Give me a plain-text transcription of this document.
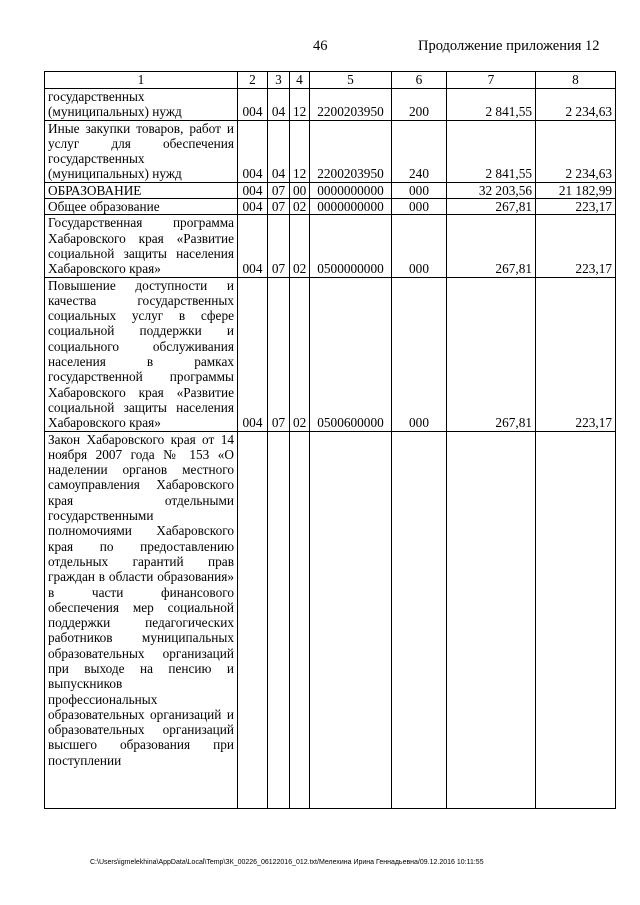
46	Продолжение приложения 12
1	2	3	4	5	6	7	8
государственных (муниципальных) нужд	004	04	12	2200203950	200	2 841,55	2 234,63
Иные закупки товаров, работ и услуг для обеспечения государственных (муниципальных) нужд	004	04	12	2200203950	240	2 841,55	2 234,63
ОБРАЗОВАНИЕ	004	07	00	0000000000	000	32 203,56	21 182,99
Общее образование	004	07	02	0000000000	000	267,81	223,17
Государственная программа Хабаровского края «Развитие социальной защиты населения Хабаровского края»	004	07	02	0500000000	000	267,81	223,17
Повышение доступности и качества государственных социальных услуг в сфере социальной поддержки и социального обслуживания населения в рамках государственной программы Хабаровского края «Развитие социальной защиты населения Хабаровского края»	004	07	02	0500600000	000	267,81	223,17
Закон Хабаровского края от 14 ноября 2007 года № 153 «О наделении органов местного самоуправления Хабаровского края отдельными государственными полномочиями Хабаровского края по предоставлению отдельных гарантий прав граждан в области образования» в части финансового обеспечения мер социальной поддержки педагогических работников муниципальных образовательных организаций при выходе на пенсию и выпускников профессиональных образовательных организаций и образовательных организаций высшего образования при поступлении							
C:\Users\igmelekhina\AppData\Local\Temp\ЗК_00226_06122016_012.txt/Мелехина Ирина Геннадьевна/09.12.2016 10:11:55
